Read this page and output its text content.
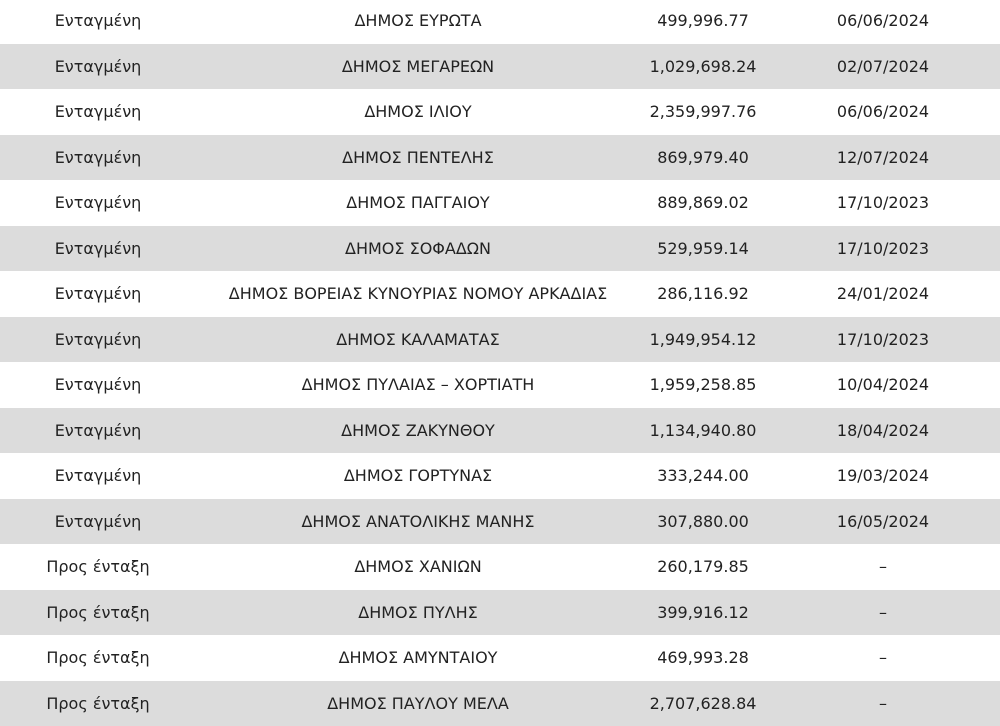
Ενταγμένη	ΔΗΜΟΣ ΕΥΡΩΤΑ	499,996.77	06/06/2024
Ενταγμένη	ΔΗΜΟΣ ΜΕΓΑΡΕΩΝ	1,029,698.24	02/07/2024
Ενταγμένη	ΔΗΜΟΣ ΙΛΙΟΥ	2,359,997.76	06/06/2024
Ενταγμένη	ΔΗΜΟΣ ΠΕΝΤΕΛΗΣ	869,979.40	12/07/2024
Ενταγμένη	ΔΗΜΟΣ ΠΑΓΓΑΙΟΥ	889,869.02	17/10/2023
Ενταγμένη	ΔΗΜΟΣ ΣΟΦΑΔΩΝ	529,959.14	17/10/2023
Ενταγμένη	ΔΗΜΟΣ ΒΟΡΕΙΑΣ ΚΥΝΟΥΡΙΑΣ ΝΟΜΟΥ ΑΡΚΑΔΙΑΣ	286,116.92	24/01/2024
Ενταγμένη	ΔΗΜΟΣ ΚΑΛΑΜΑΤΑΣ	1,949,954.12	17/10/2023
Ενταγμένη	ΔΗΜΟΣ ΠΥΛΑΙΑΣ – ΧΟΡΤΙΑΤΗ	1,959,258.85	10/04/2024
Ενταγμένη	ΔΗΜΟΣ ΖΑΚΥΝΘΟΥ	1,134,940.80	18/04/2024
Ενταγμένη	ΔΗΜΟΣ ΓΟΡΤΥΝΑΣ	333,244.00	19/03/2024
Ενταγμένη	ΔΗΜΟΣ ΑΝΑΤΟΛΙΚΗΣ ΜΑΝΗΣ	307,880.00	16/05/2024
Προς ένταξη	ΔΗΜΟΣ ΧΑΝΙΩΝ	260,179.85	–
Προς ένταξη	ΔΗΜΟΣ ΠΥΛΗΣ	399,916.12	–
Προς ένταξη	ΔΗΜΟΣ ΑΜΥΝΤΑΙΟΥ	469,993.28	–
Προς ένταξη	ΔΗΜΟΣ ΠΑΥΛΟΥ ΜΕΛΑ	2,707,628.84	–
